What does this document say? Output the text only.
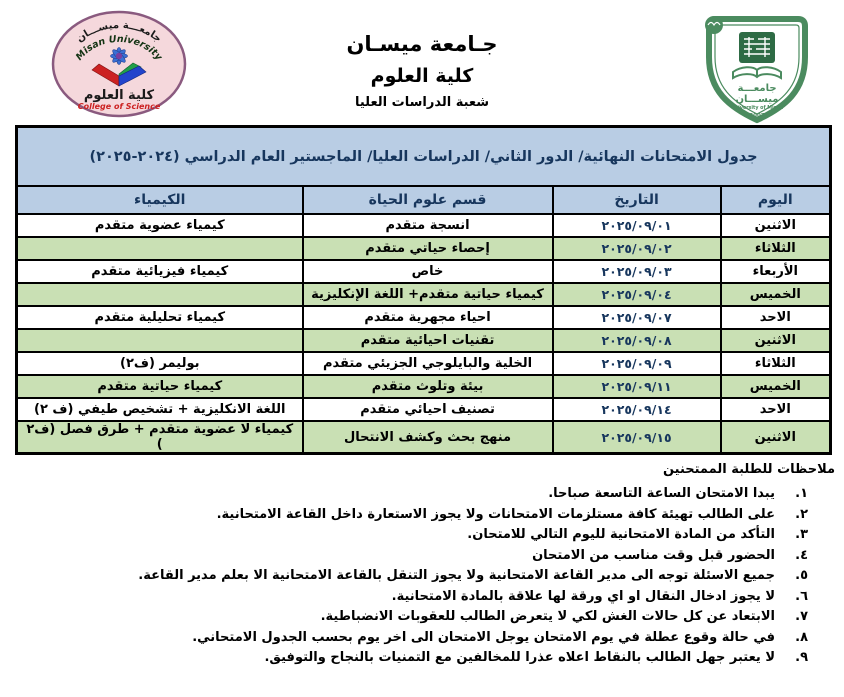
جـامعة ميسـان
كلية العلوم
شعبة الدراسات العليا
جامعـــة ميســـان
Misan University
كلية العلوم
College of Science
جامعـــة
ميســـان
University of Misan
2007
جدول الامتحانات النهائية/ الدور الثاني/ الدراسات العليا/ الماجستير العام الدراسي (٢٠٢٤-٢٠٢٥)			
اليوم	التاريخ	قسم علوم الحياة	الكيمياء
الاثنين	٢٠٢٥/٠٩/٠١	انسجة متقدم	كيمياء عضوية متقدم
الثلاثاء	٢٠٢٥/٠٩/٠٢	إحصاء حياتي متقدم	
الأربعاء	٢٠٢٥/٠٩/٠٣	خاص	كيمياء فيزيائية متقدم
الخميس	٢٠٢٥/٠٩/٠٤	كيمياء حياتية متقدم+ اللغة الإنكليزية	
الاحد	٢٠٢٥/٠٩/٠٧	احياء مجهرية متقدم	كيمياء تحليلية متقدم
الاثنين	٢٠٢٥/٠٩/٠٨	تقنيات احيائية متقدم	
الثلاثاء	٢٠٢٥/٠٩/٠٩	الخلية والبايلوجي الجزيئي متقدم	بوليمر (ف٢)
الخميس	٢٠٢٥/٠٩/١١	بيئة وتلوث متقدم	كيمياء حياتية متقدم
الاحد	٢٠٢٥/٠٩/١٤	تصنيف احيائي متقدم	اللغة الانكليزية + تشخيص طيفي (ف ٢)
الاثنين	٢٠٢٥/٠٩/١٥	منهج بحث وكشف الانتحال	كيمياء لا عضوية متقدم + طرق فصل (ف٢ )
ملاحظات للطلبة الممتحنين
١.
يبدا الامتحان الساعة التاسعة صباحا.
٢.
على الطالب تهيئة كافة مستلزمات الامتحانات ولا يجوز الاستعارة داخل القاعة الامتحانية.
٣.
التأكد من المادة الامتحانية لليوم التالي للامتحان.
٤.
الحضور قبل وقت مناسب من الامتحان
٥.
جميع الاسئلة توجه الى مدير القاعة الامتحانية ولا يجوز التنقل بالقاعة الامتحانية الا بعلم مدير القاعة.
٦.
لا يجوز ادخال النقال او اي ورقة لها علاقة بالمادة الامتحانية.
٧.
الابتعاد عن كل حالات الغش لكي لا يتعرض الطالب للعقوبات الانضباطية.
٨.
في حالة وقوع عطلة في يوم الامتحان يوجل الامتحان الى اخر يوم بحسب الجدول الامتحاني.
٩.
لا يعتبر جهل الطالب بالنقاط اعلاه عذرا للمخالفين مع التمنيات بالنجاح والتوفيق.
